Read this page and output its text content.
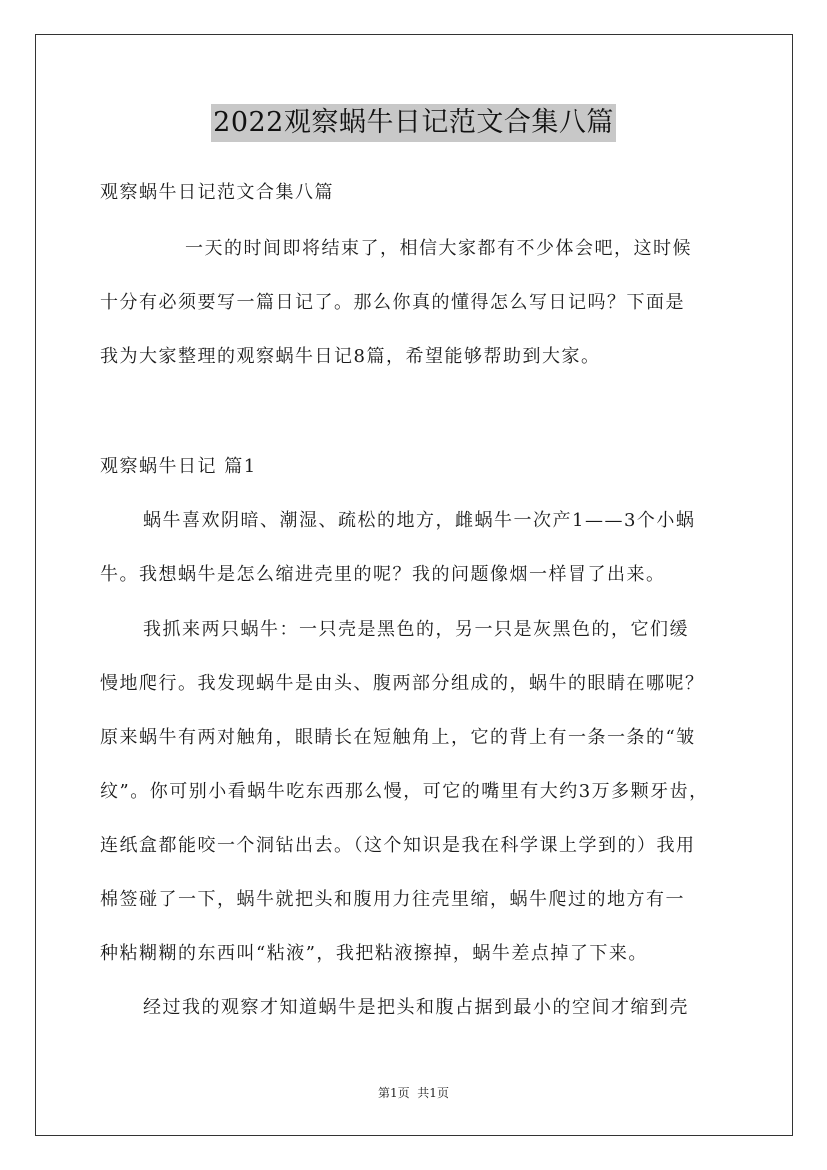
2022观察蜗牛日记范文合集八篇
观察蜗牛日记范文合集八篇
一天的时间即将结束了，相信大家都有不少体会吧，这时候
十分有必须要写一篇日记了。那么你真的懂得怎么写日记吗？下面是
我为大家整理的观察蜗牛日记8篇，希望能够帮助到大家。
观察蜗牛日记 篇1
蜗牛喜欢阴暗、潮湿、疏松的地方，雌蜗牛一次产1——3个小蜗
牛。我想蜗牛是怎么缩进壳里的呢？我的问题像烟一样冒了出来。
我抓来两只蜗牛：一只壳是黑色的，另一只是灰黑色的，它们缓
慢地爬行。我发现蜗牛是由头、腹两部分组成的，蜗牛的眼睛在哪呢？
原来蜗牛有两对触角，眼睛长在短触角上，它的背上有一条一条的“皱
纹”。你可别小看蜗牛吃东西那么慢，可它的嘴里有大约3万多颗牙齿，
连纸盒都能咬一个洞钻出去。（这个知识是我在科学课上学到的）我用
棉签碰了一下，蜗牛就把头和腹用力往壳里缩，蜗牛爬过的地方有一
种粘糊糊的东西叫“粘液”，我把粘液擦掉，蜗牛差点掉了下来。
经过我的观察才知道蜗牛是把头和腹占据到最小的空间才缩到壳
第1页  共1页
